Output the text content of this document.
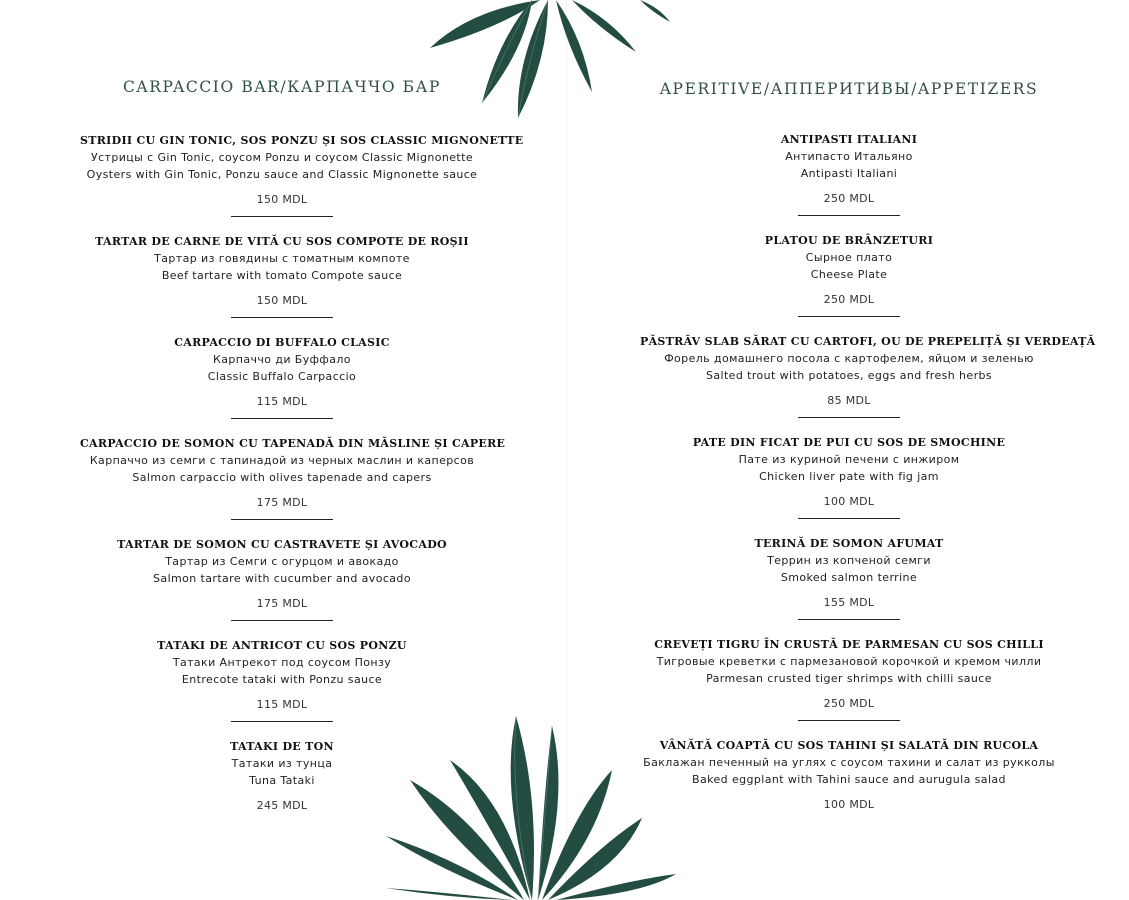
CARPACCIO BAR/КАРПАЧЧО БАР
STRIDII CU GIN TONIC, SOS PONZU ȘI SOS CLASSIC MIGNONETTE
Устрицы с Gin Tonic, соусом Ponzu и соусом Classic Mignonette
Oysters with Gin Tonic, Ponzu sauce and Classic Mignonette sauce
150 MDL
TARTAR DE CARNE DE VITĂ CU SOS COMPOTE DE ROȘII
Тартар из говядины с томатным компоте
Beef tartare with tomato Compote sauce
150 MDL
CARPACCIO DI BUFFALO CLASIC
Карпаччо ди Буффало
Classic Buffalo Carpaccio
115 MDL
CARPACCIO DE SOMON CU TAPENADĂ DIN MĂSLINE ȘI CAPERE
Карпаччо из семги с тапинадой из черных маслин и каперсов
Salmon carpaccio with olives tapenade and capers
175 MDL
TARTAR DE SOMON CU CASTRAVETE ȘI AVOCADO
Тартар из Семги с огурцом и авокадо
Salmon tartare with cucumber and avocado
175 MDL
TATAKI DE ANTRICOT CU SOS PONZU
Татаки Антрекот под соусом Понзу
Entrecote tataki with Ponzu sauce
115 MDL
TATAKI DE TON
Татаки из тунца
Tuna Tataki
245 MDL
APERITIVE/АППЕРИТИВЫ/APPETIZERS
ANTIPASTI ITALIANI
Антипасто Итальяно
Antipasti Italiani
250 MDL
PLATOU DE BRÂNZETURI
Сырное плато
Cheese Plate
250 MDL
PĂSTRĂV SLAB SĂRAT CU CARTOFI, OU DE PREPELIȚĂ ȘI VERDEAȚĂ
Форель домашнего посола с картофелем, яйцом и зеленью
Salted trout with potatoes, eggs and fresh herbs
85 MDL
PATE DIN FICAT DE PUI CU SOS DE SMOCHINE
Пате из куриной печени с инжиром
Chicken liver pate with fig jam
100 MDL
TERINĂ DE SOMON AFUMAT
Террин из копченой семги
Smoked salmon terrine
155 MDL
CREVEȚI TIGRU ÎN CRUSTĂ DE PARMESAN CU SOS CHILLI
Тигровые креветки с пармезановой корочкой и кремом чилли
Parmesan crusted tiger shrimps with chilli sauce
250 MDL
VÂNĂTĂ COAPTĂ CU SOS TAHINI ȘI SALATĂ DIN RUCOLA
Баклажан печенный на углях с соусом тахини и салат из рукколы
Baked eggplant with Tahini sauce and aurugula salad
100 MDL
